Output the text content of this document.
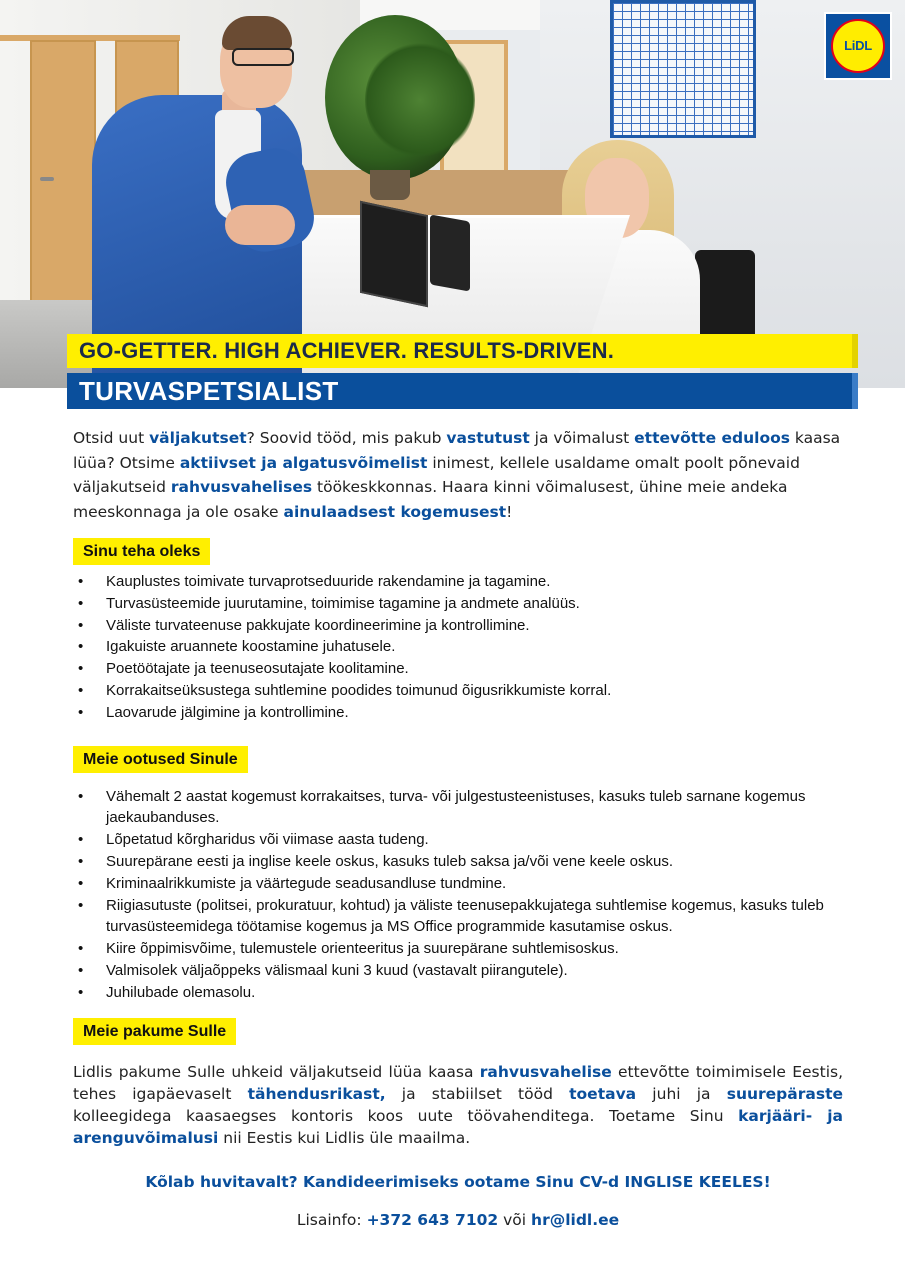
LiDL
GO-GETTER. HIGH ACHIEVER. RESULTS-DRIVEN.
TURVASPETSIALIST

Otsid uut väljakutset? Soovid tööd, mis pakub vastutust ja võimalust ettevõtte eduloos kaasa lüüa? Otsime aktiivset ja algatusvõimelist inimest, kellele usaldame omalt poolt põnevaid väljakutseid rahvusvahelises töökeskkonnas. Haara kinni võimalusest, ühine meie andeka meeskonnaga ja ole osake ainulaadsest kogemusest!

Sinu teha oleks
• Kauplustes toimivate turvaprotseduuride rakendamine ja tagamine.
• Turvasüsteemide juurutamine, toimimise tagamine ja andmete analüüs.
• Väliste turvateenuse pakkujate koordineerimine ja kontrollimine.
• Igakuiste aruannete koostamine juhatusele.
• Poetöötajate ja teenuseosutajate koolitamine.
• Korrakaitseüksustega suhtlemine poodides toimunud õigusrikkumiste korral.
• Laovarude jälgimine ja kontrollimine.
Meie ootused Sinule
• Vähemalt 2 aastat kogemust korrakaitses, turva- või julgestusteenistuses, kasuks tuleb sarnane kogemus jaekaubanduses.
• Lõpetatud kõrgharidus või viimase aasta tudeng.
• Suurepärane eesti ja inglise keele oskus, kasuks tuleb saksa ja/või vene keele oskus.
• Kriminaalrikkumiste ja väärtegude seadusandluse tundmine.
• Riigiasutuste (politsei, prokuratuur, kohtud) ja väliste teenusepakkujatega suhtlemise kogemus, kasuks tuleb turvasüsteemidega töötamise kogemus ja MS Office programmide kasutamise oskus.
• Kiire õppimisvõime, tulemustele orienteeritus ja suurepärane suhtlemisoskus.
• Valmisolek väljaõppeks välismaal kuni 3 kuud (vastavalt piirangutele).
• Juhilubade olemasolu.
Meie pakume Sulle

Lidlis pakume Sulle uhkeid väljakutseid lüüa kaasa rahvusvahelise ettevõtte toimimisele Eestis, tehes igapäevaselt tähendusrikast, ja stabiilset tööd toetava juhi ja suurepäraste kolleegidega kaasaegses kontoris koos uute töövahenditega. Toetame Sinu karjääri- ja arenguvõimalusi nii Eestis kui Lidlis üle maailma.

Kõlab huvitavalt? Kandideerimiseks ootame Sinu CV-d INGLISE KEELES!
Lisainfo: +372 643 7102 või hr@lidl.ee
